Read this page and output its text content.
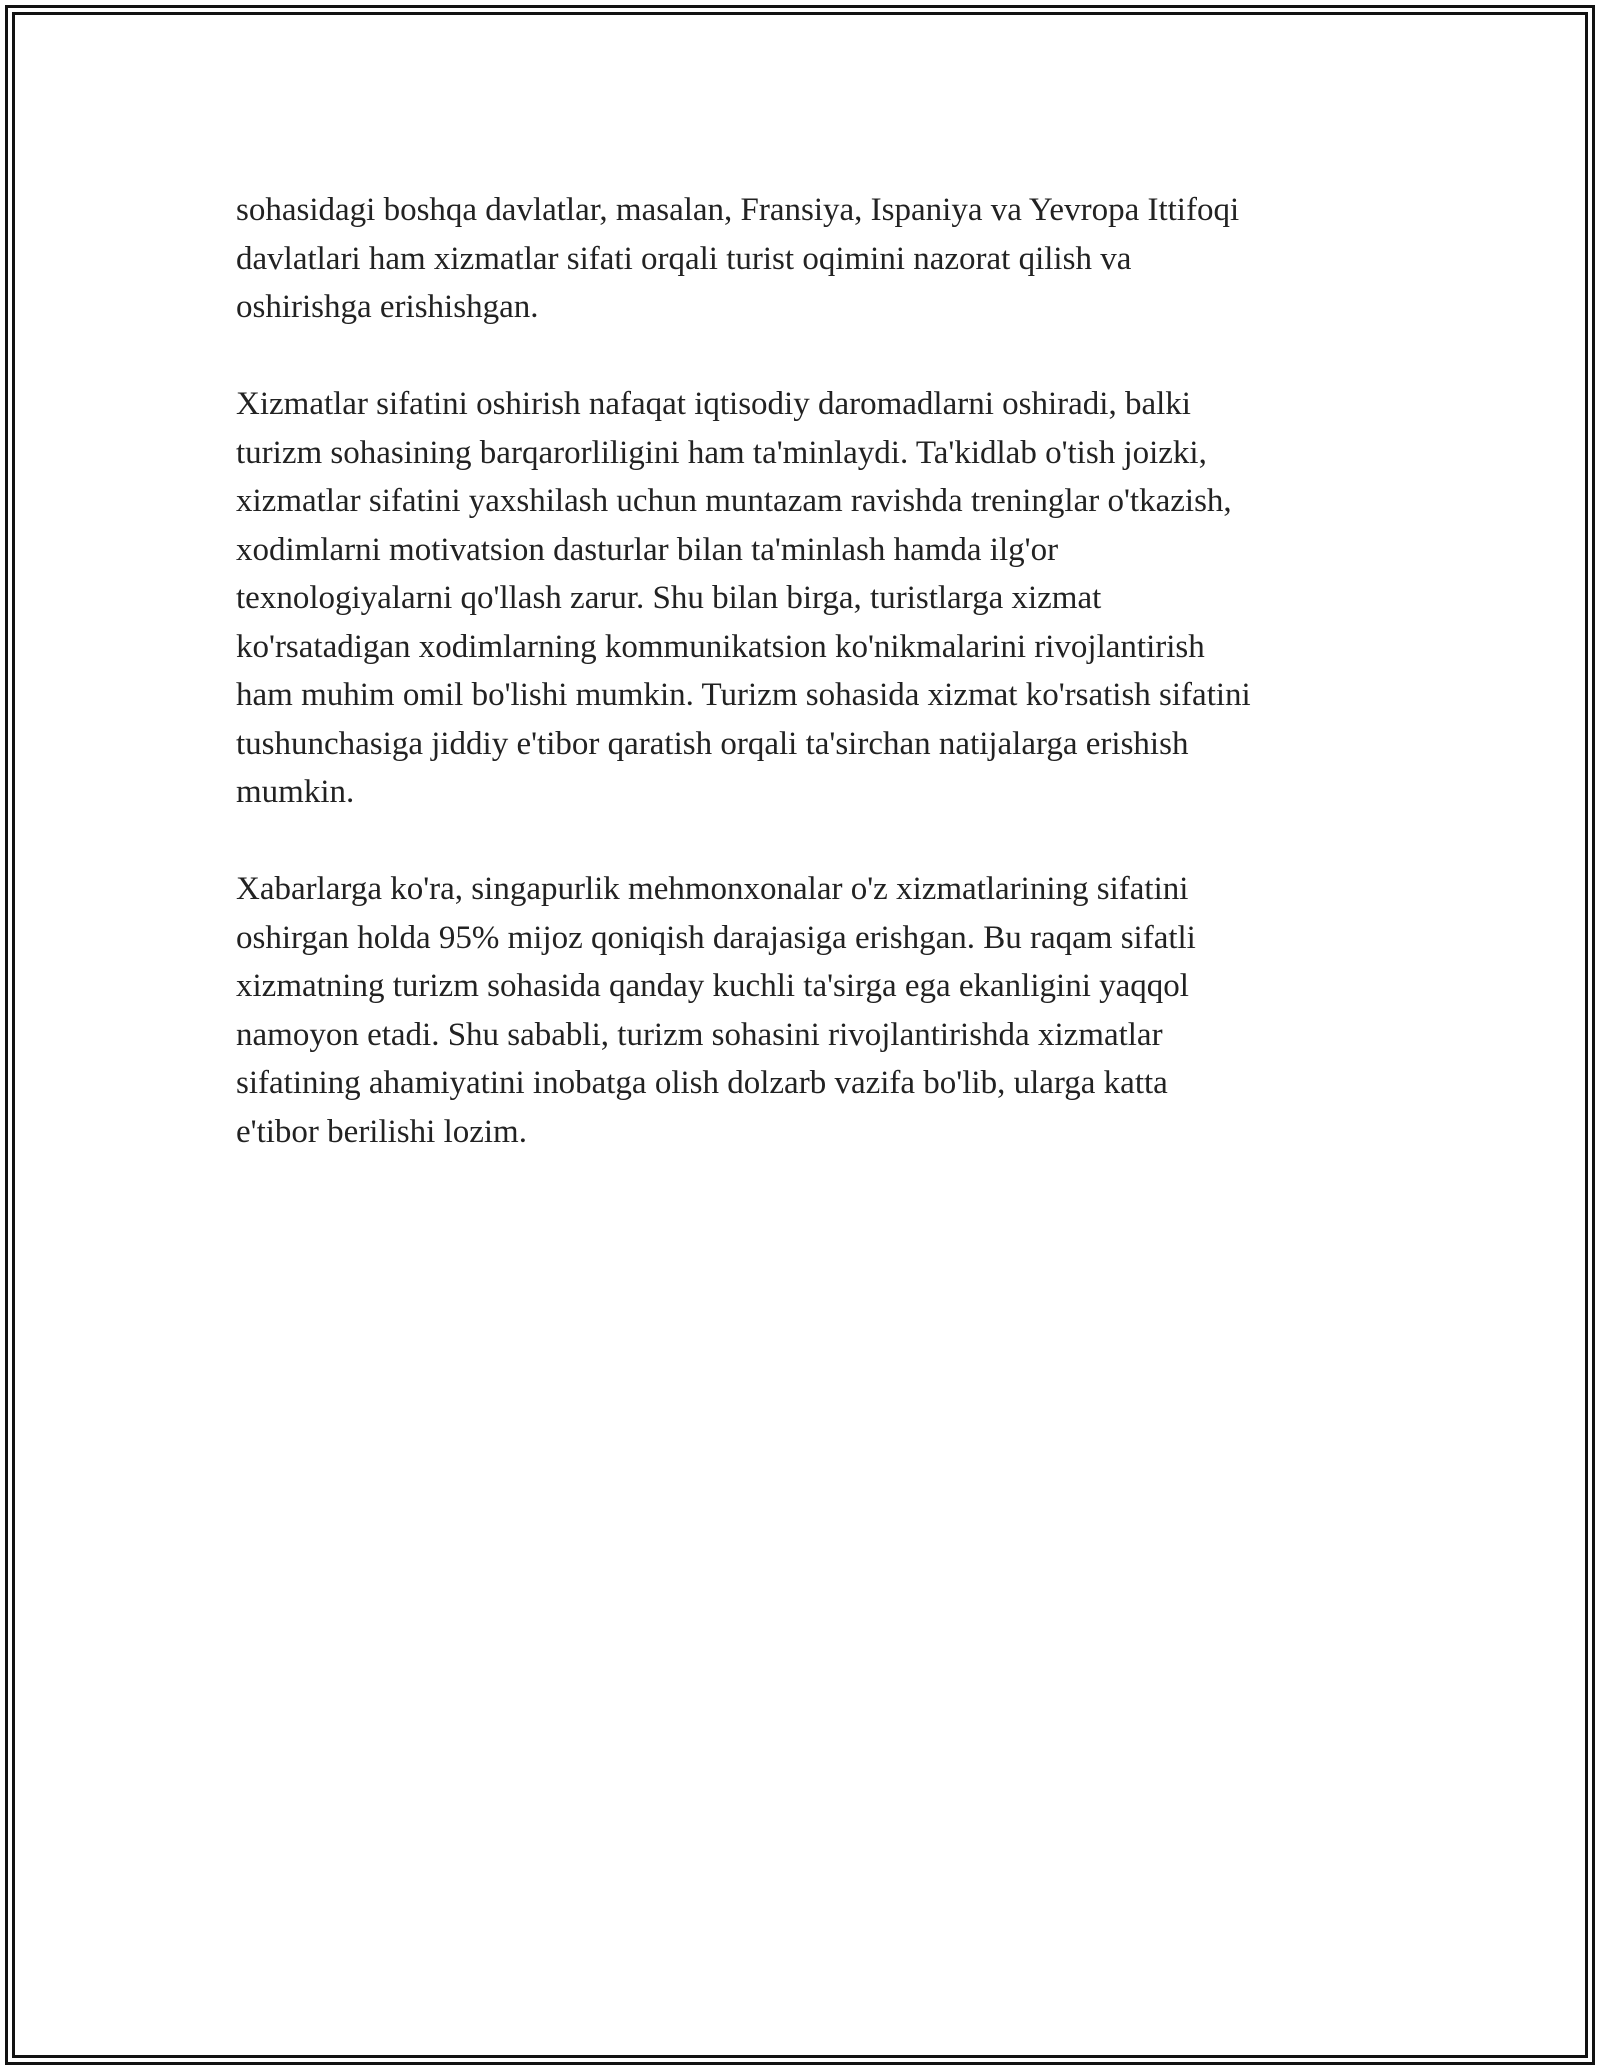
sohasidagi boshqa davlatlar, masalan, Fransiya, Ispaniya va Yevropa Ittifoqi
davlatlari ham xizmatlar sifati orqali turist oqimini nazorat qilish va
oshirishga erishishgan.

Xizmatlar sifatini oshirish nafaqat iqtisodiy daromadlarni oshiradi, balki
turizm sohasining barqarorliligini ham ta'minlaydi. Ta'kidlab o'tish joizki,
xizmatlar sifatini yaxshilash uchun muntazam ravishda treninglar o'tkazish,
xodimlarni motivatsion dasturlar bilan ta'minlash hamda ilg'or
texnologiyalarni qo'llash zarur. Shu bilan birga, turistlarga xizmat
ko'rsatadigan xodimlarning kommunikatsion ko'nikmalarini rivojlantirish
ham muhim omil bo'lishi mumkin. Turizm sohasida xizmat ko'rsatish sifatini
tushunchasiga jiddiy e'tibor qaratish orqali ta'sirchan natijalarga erishish
mumkin.

Xabarlarga ko'ra, singapurlik mehmonxonalar o'z xizmatlarining sifatini
oshirgan holda 95% mijoz qoniqish darajasiga erishgan. Bu raqam sifatli
xizmatning turizm sohasida qanday kuchli ta'sirga ega ekanligini yaqqol
namoyon etadi. Shu sababli, turizm sohasini rivojlantirishda xizmatlar
sifatining ahamiyatini inobatga olish dolzarb vazifa bo'lib, ularga katta
e'tibor berilishi lozim.
